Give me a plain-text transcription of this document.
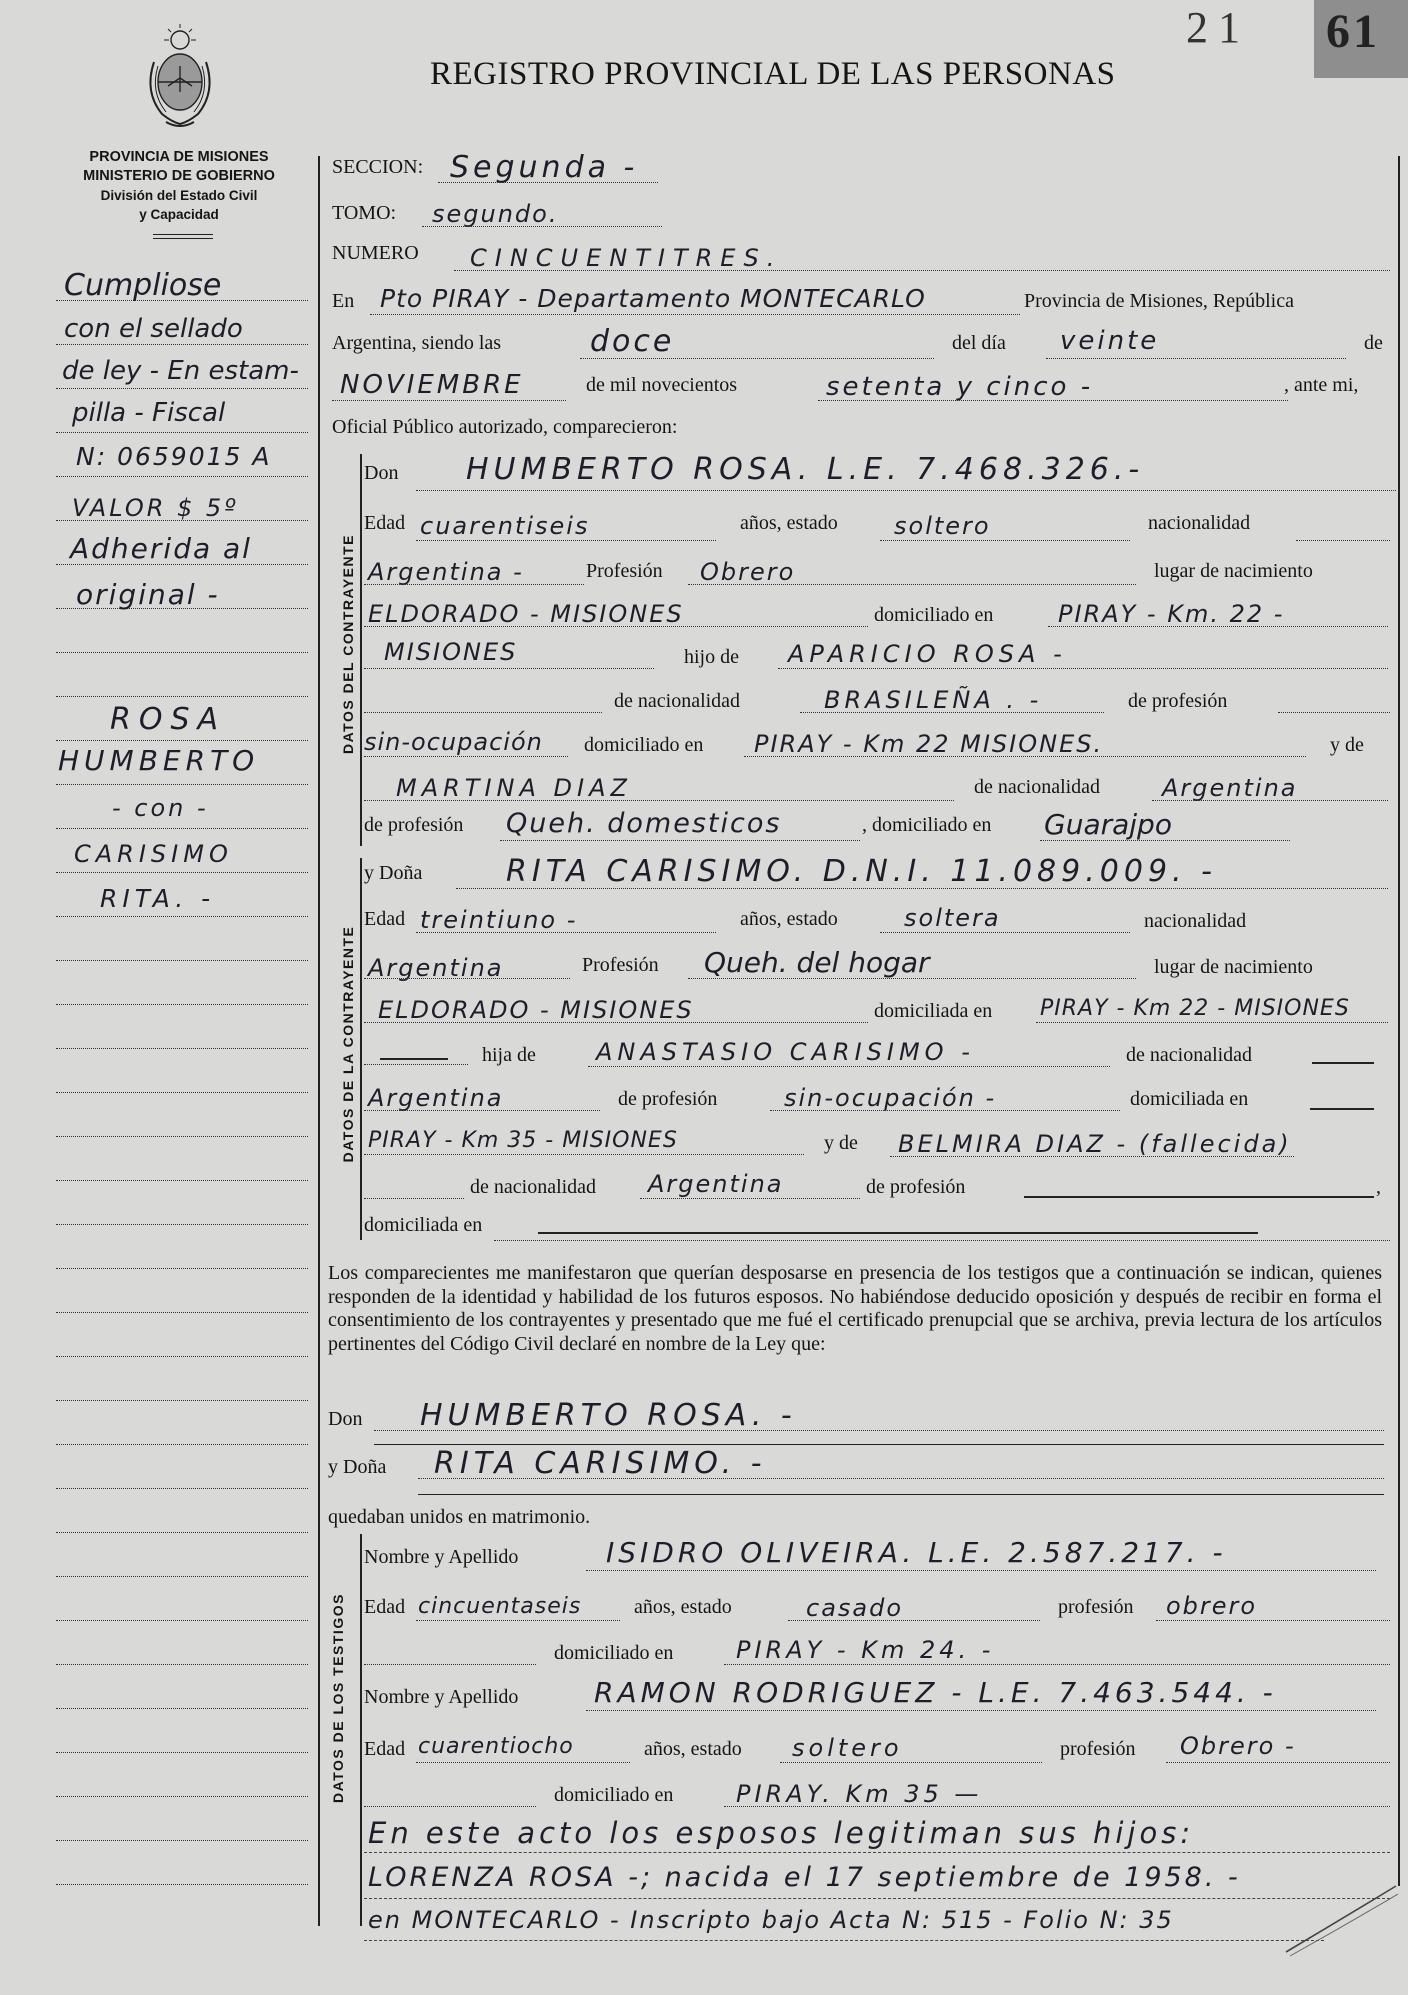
21 61
REGISTRO PROVINCIAL DE LAS PERSONAS
PROVINCIA DE MISIONES
MINISTERIO DE GOBIERNO
División del Estado Civil
y Capacidad
Cumpliose
con el sellado
de ley - En estam-
pilla - Fiscal
N: 0659015 A
VALOR $ 5º
Adherida al
original -
ROSA
HUMBERTO
- con -
CARISIMO
RITA. -
SECCION: Segunda -
TOMO: segundo.
NUMERO CINCUENTITRES.
En Pto PIRAY - Departamento MONTECARLO	Provincia de Misiones, República
Argentina, siendo las	doce	del día veinte	de
NOVIEMBRE	de mil novecientos	setenta y cinco -	, ante mi,
Oficial Público autorizado, comparecieron:
DATOS DEL CONTRAYENTE
Don HUMBERTO ROSA. L.E. 7.468.326.-
Edad cuarentiseis	años, estado soltero	nacionalidad
Argentina -	Profesión Obrero	lugar de nacimiento
ELDORADO - MISIONES	domiciliado en	PIRAY - Km. 22 -
MISIONES	hijo de APARICIO ROSA -
de nacionalidad	BRASILEÑA . -	de profesión
sin-ocupación domiciliado en PIRAY - Km 22 MISIONES.	y de
MARTINA DIAZ	de nacionalidad	Argentina
de profesión Queh. domesticos	, domiciliado en Guarajpo
DATOS DE LA CONTRAYENTE
y Doña	RITA CARISIMO. D.N.I. 11.089.009. -
Edad treintiuno -	años, estado	soltera	nacionalidad
Argentina	Profesión Queh. del hogar	lugar de nacimiento
ELDORADO - MISIONES	domiciliada en PIRAY - Km 22 - MISIONES
hija de	ANASTASIO CARISIMO -	de nacionalidad
Argentina	de profesión	sin-ocupación -	domiciliada en
PIRAY - Km 35 - MISIONES	y de BELMIRA DIAZ - (fallecida)
de nacionalidad Argentina	de profesión	,
domiciliada en
Los comparecientes me manifestaron que querían desposarse en presencia de los testigos que a continuación se indican, quienes responden de la identidad y habilidad de los futuros esposos. No habiéndose deducido oposición y después de recibir en forma el consentimiento de los contrayentes y presentado que me fué el certificado prenupcial que se archiva, previa lectura de los artículos pertinentes del Código Civil declaré en nombre de la Ley que:
Don HUMBERTO ROSA. -
y Doña RITA CARISIMO. -
quedaban unidos en matrimonio.
DATOS DE LOS TESTIGOS
Nombre y Apellido	ISIDRO OLIVEIRA. L.E. 2.587.217. -
Edad cincuentaseis	años, estado	casado	profesión obrero
domiciliado en	PIRAY - Km 24. -
Nombre y Apellido	RAMON RODRIGUEZ - L.E. 7.463.544. -
Edad cuarentiocho	años, estado soltero	profesión Obrero -
domiciliado en	PIRAY. Km 35 —
En este acto los esposos legitiman sus hijos:
LORENZA ROSA -; nacida el 17 septiembre de 1958. -
en MONTECARLO - Inscripto bajo Acta N: 515 - Folio N: 35
